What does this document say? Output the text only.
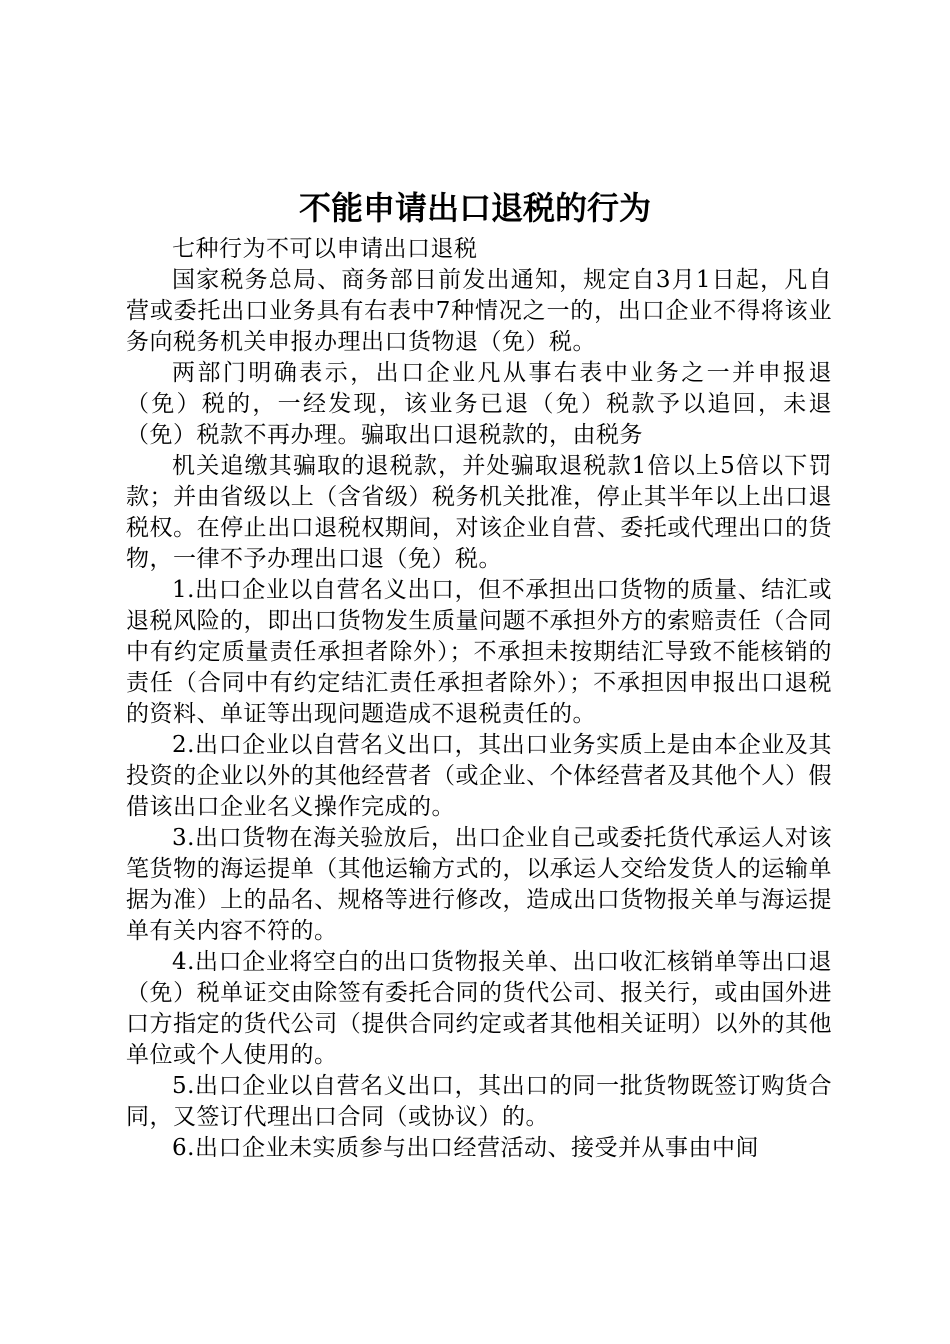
不能申请出口退税的行为

七种行为不可以申请出口退税

国家税务总局、商务部日前发出通知，规定自3月1日起，凡自营或委托出口业务具有右表中7种情况之一的，出口企业不得将该业务向税务机关申报办理出口货物退（免）税。

两部门明确表示，出口企业凡从事右表中业务之一并申报退（免）税的，一经发现，该业务已退（免）税款予以追回，未退（免）税款不再办理。骗取出口退税款的，由税务

机关追缴其骗取的退税款，并处骗取退税款1倍以上5倍以下罚款；并由省级以上（含省级）税务机关批准，停止其半年以上出口退税权。在停止出口退税权期间，对该企业自营、委托或代理出口的货物，一律不予办理出口退（免）税。

1.出口企业以自营名义出口，但不承担出口货物的质量、结汇或退税风险的，即出口货物发生质量问题不承担外方的索赔责任（合同中有约定质量责任承担者除外）；不承担未按期结汇导致不能核销的责任（合同中有约定结汇责任承担者除外）；不承担因申报出口退税的资料、单证等出现问题造成不退税责任的。

2.出口企业以自营名义出口，其出口业务实质上是由本企业及其投资的企业以外的其他经营者（或企业、个体经营者及其他个人）假借该出口企业名义操作完成的。

3.出口货物在海关验放后，出口企业自己或委托货代承运人对该笔货物的海运提单（其他运输方式的，以承运人交给发货人的运输单据为准）上的品名、规格等进行修改，造成出口货物报关单与海运提单有关内容不符的。

4.出口企业将空白的出口货物报关单、出口收汇核销单等出口退（免）税单证交由除签有委托合同的货代公司、报关行，或由国外进口方指定的货代公司（提供合同约定或者其他相关证明）以外的其他单位或个人使用的。

5.出口企业以自营名义出口，其出口的同一批货物既签订购货合同，又签订代理出口合同（或协议）的。

6.出口企业未实质参与出口经营活动、接受并从事由中间
